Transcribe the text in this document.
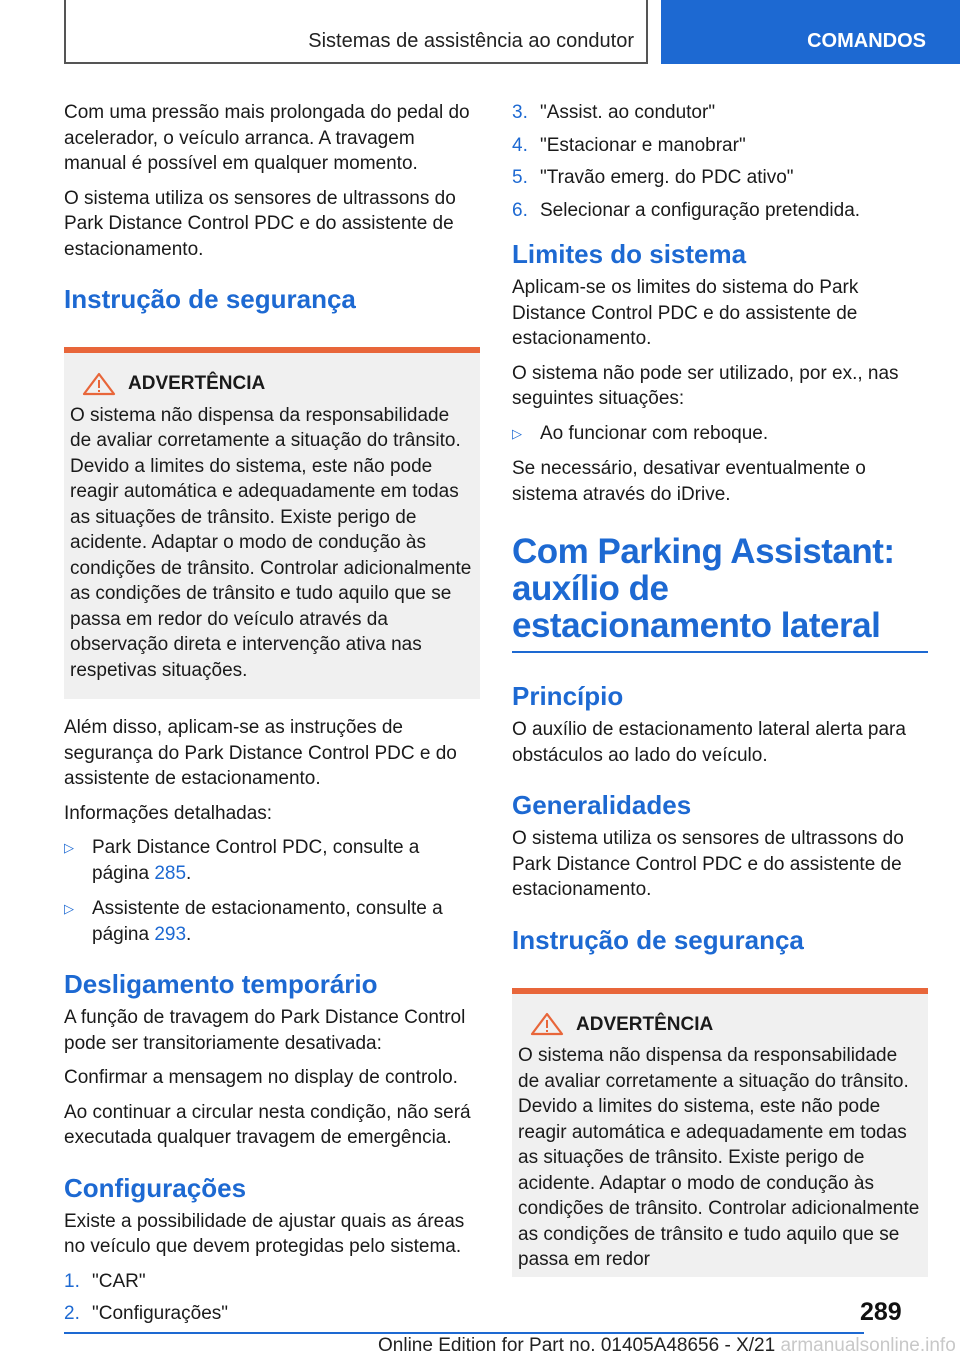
Sistemas de assistência ao condutor	COMANDOS

Com uma pressão mais prolongada do pedal do acelerador, o veículo arranca. A travagem manual é possível em qualquer momento.

O sistema utiliza os sensores de ultrassons do Park Distance Control PDC e do assistente de estacionamento.

Instrução de segurança
ADVERTÊNCIA
O sistema não dispensa da responsabilidade de avaliar corretamente a situação do trânsito. Devido a limites do sistema, este não pode reagir automática e adequadamente em todas as situações de trânsito. Existe perigo de acidente. Adaptar o modo de condução às condições de trânsito. Controlar adicionalmente as condições de trânsito e tudo aquilo que se passa em redor do veículo através da observação direta e intervenção ativa nas respetivas situações.

Além disso, aplicam-se as instruções de segurança do Park Distance Control PDC e do assistente de estacionamento.

Informações detalhadas:

▷ Park Distance Control PDC, consulte a página 285.
▷ Assistente de estacionamento, consulte a página 293.
Desligamento temporário

A função de travagem do Park Distance Control pode ser transitoriamente desativada:

Confirmar a mensagem no display de controlo.

Ao continuar a circular nesta condição, não será executada qualquer travagem de emergência.

Configurações

Existe a possibilidade de ajustar quais as áreas no veículo que devem protegidas pelo sistema.

1. "CAR"
2. "Configurações"
3. "Assist. ao condutor"
4. "Estacionar e manobrar"
5. "Travão emerg. do PDC ativo"
6. Selecionar a configuração pretendida.
Limites do sistema

Aplicam-se os limites do sistema do Park Distance Control PDC e do assistente de estacionamento.

O sistema não pode ser utilizado, por ex., nas seguintes situações:

▷ Ao funcionar com reboque.

Se necessário, desativar eventualmente o sistema através do iDrive.

Com Parking Assistant: auxílio de estacionamento lateral
Princípio

O auxílio de estacionamento lateral alerta para obstáculos ao lado do veículo.

Generalidades

O sistema utiliza os sensores de ultrassons do Park Distance Control PDC e do assistente de estacionamento.

Instrução de segurança
ADVERTÊNCIA
O sistema não dispensa da responsabilidade de avaliar corretamente a situação do trânsito. Devido a limites do sistema, este não pode reagir automática e adequadamente em todas as situações de trânsito. Existe perigo de acidente. Adaptar o modo de condução às condições de trânsito. Controlar adicionalmente as condições de trânsito e tudo aquilo que se passa em redor
289
Online Edition for Part no. 01405A48656 - X/21 armanualsonline.info
